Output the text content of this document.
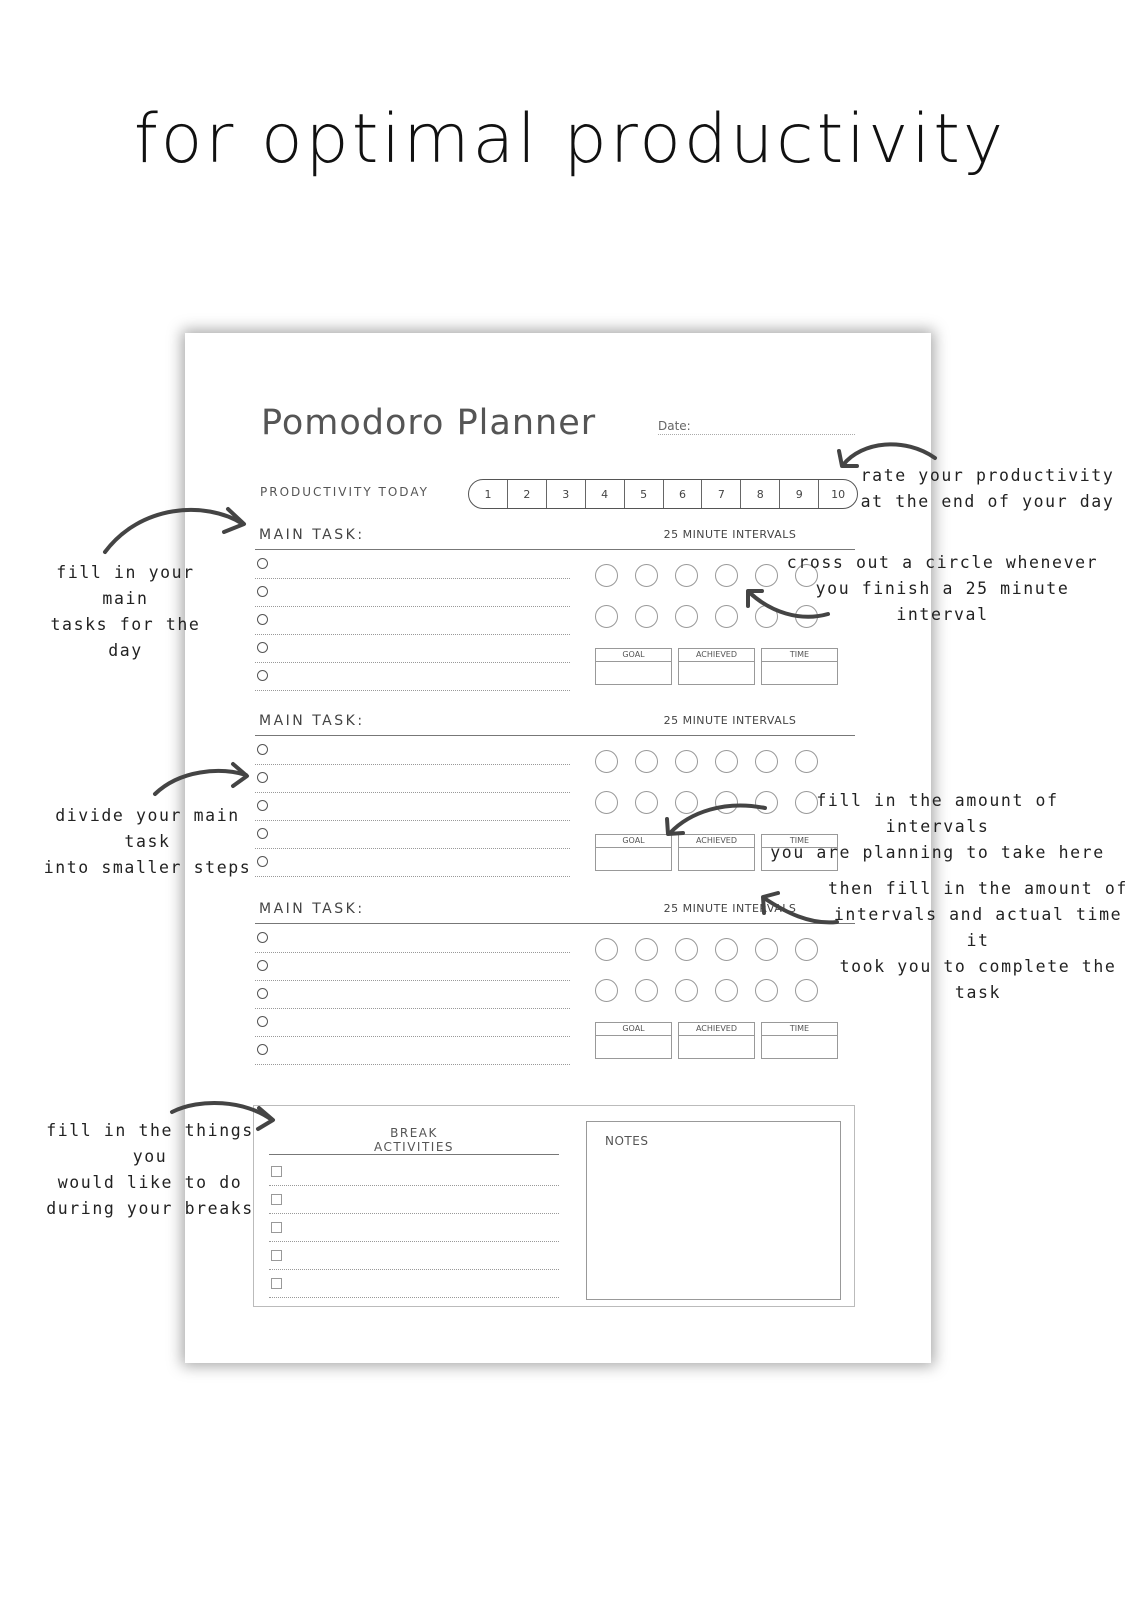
for optimal productivity
Pomodoro Planner	Date:
PRODUCTIVITY TODAY	1	2	3	4	5	6	7	8	9	10
MAIN TASK:	25 MINUTE INTERVALS
GOAL	ACHIEVED	TIME
MAIN TASK:	25 MINUTE INTERVALS
GOAL	ACHIEVED	TIME
MAIN TASK:	25 MINUTE INTERVALS
GOAL	ACHIEVED	TIME
BREAK ACTIVITIES	NOTES
fill in your main
tasks for the day
rate your productivity
at the end of your day
cross out a circle whenever
you finish a 25 minute interval
divide your main task
into smaller steps
fill in the amount of intervals
you are planning to take here
then fill in the amount of
intervals and actual time it
took you to complete the task
fill in the things you
would like to do
during your breaks
